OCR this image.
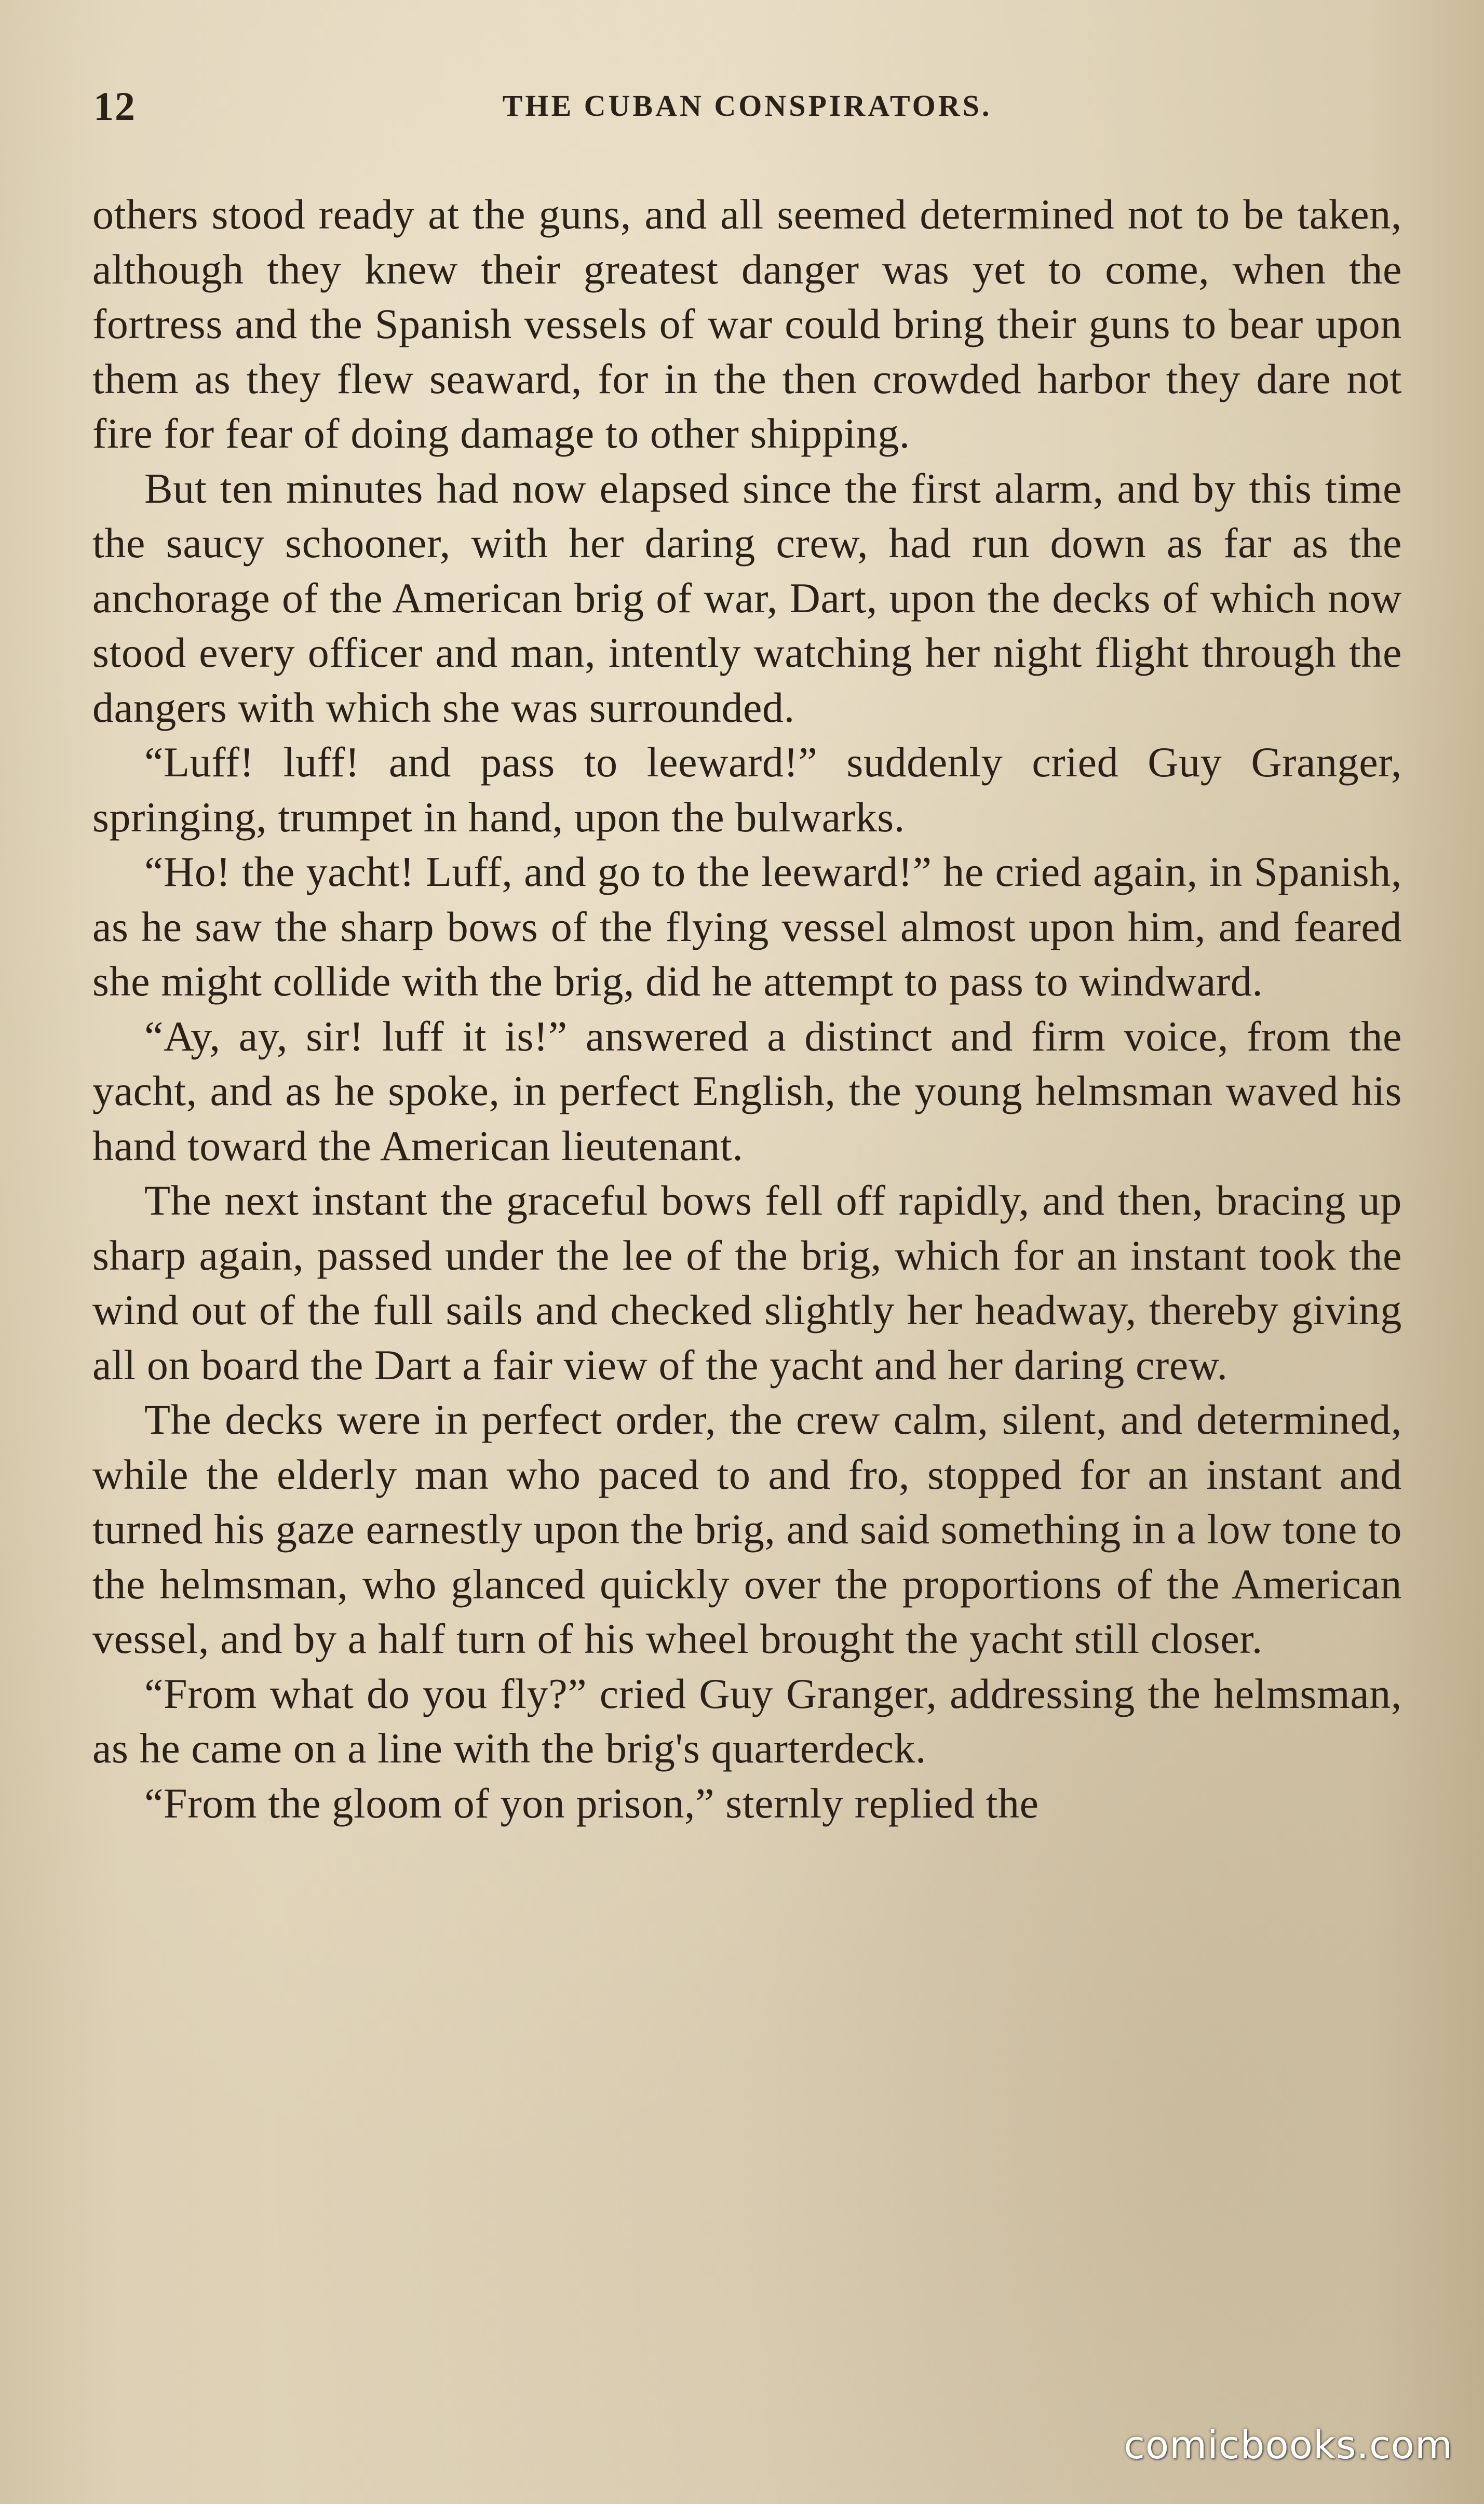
12	THE CUBAN CONSPIRATORS.

others stood ready at the guns, and all seemed determined not to be taken, although they knew their greatest danger was yet to come, when the fortress and the Spanish vessels of war could bring their guns to bear upon them as they flew seaward, for in the then crowded harbor they dare not fire for fear of doing damage to other shipping.

But ten minutes had now elapsed since the first alarm, and by this time the saucy schooner, with her daring crew, had run down as far as the anchorage of the American brig of war, Dart, upon the decks of which now stood every officer and man, intently watching her night flight through the dangers with which she was surrounded.

“Luff! luff! and pass to leeward!” suddenly cried Guy Granger, springing, trumpet in hand, upon the bulwarks.

“Ho! the yacht! Luff, and go to the leeward!” he cried again, in Spanish, as he saw the sharp bows of the flying vessel almost upon him, and feared she might collide with the brig, did he attempt to pass to windward.

“Ay, ay, sir! luff it is!” answered a distinct and firm voice, from the yacht, and as he spoke, in perfect English, the young helmsman waved his hand toward the American lieutenant.

The next instant the graceful bows fell off rapidly, and then, bracing up sharp again, passed under the lee of the brig, which for an instant took the wind out of the full sails and checked slightly her headway, thereby giving all on board the Dart a fair view of the yacht and her daring crew.

The decks were in perfect order, the crew calm, silent, and determined, while the elderly man who paced to and fro, stopped for an instant and turned his gaze earnestly upon the brig, and said something in a low tone to the helmsman, who glanced quickly over the proportions of the American vessel, and by a half turn of his wheel brought the yacht still closer.

“From what do you fly?” cried Guy Granger, addressing the helmsman, as he came on a line with the brig's quarterdeck.

“From the gloom of yon prison,” sternly replied the

comicbooks.com
